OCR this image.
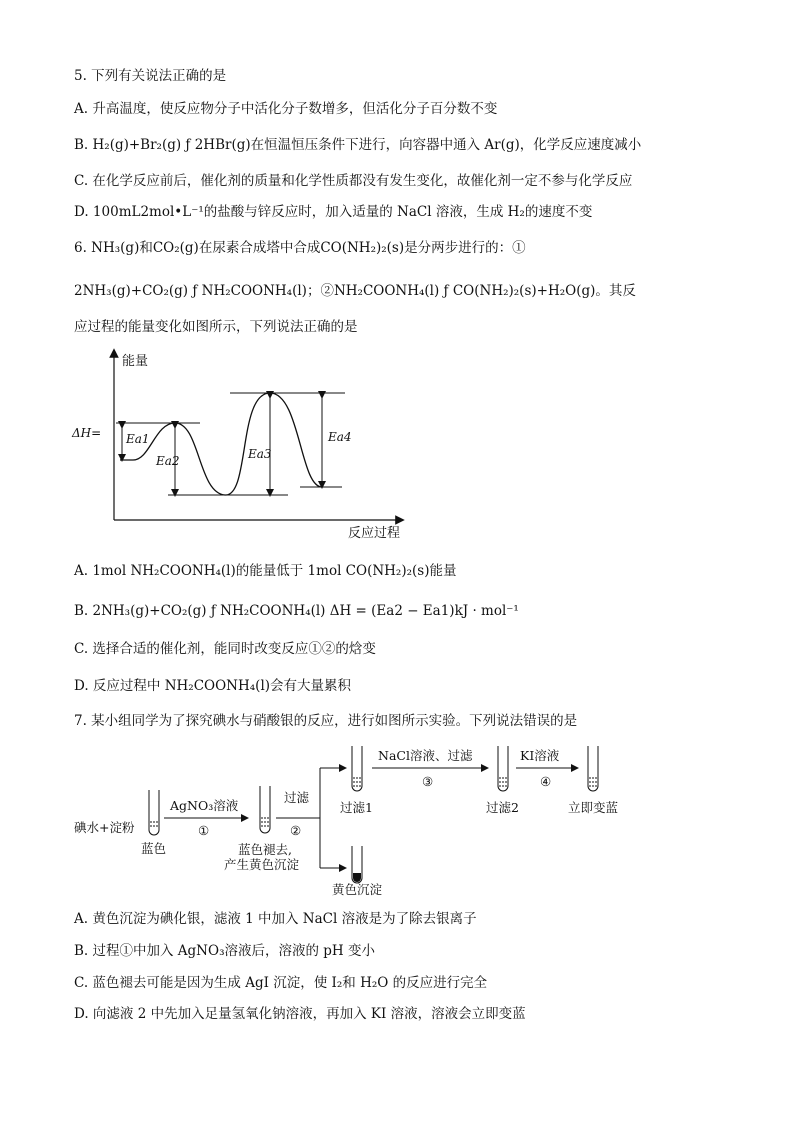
5. 下列有关说法正确的是
A. 升高温度，使反应物分子中活化分子数增多，但活化分子百分数不变
B. H₂(g)+Br₂(g) ƒ 2HBr(g)在恒温恒压条件下进行，向容器中通入 Ar(g)，化学反应速度减小
C. 在化学反应前后，催化剂的质量和化学性质都没有发生变化，故催化剂一定不参与化学反应
D. 100mL2mol•L⁻¹的盐酸与锌反应时，加入适量的 NaCl 溶液，生成 H₂的速度不变
6. NH₃(g)和CO₂(g)在尿素合成塔中合成CO(NH₂)₂(s)是分两步进行的：①
2NH₃(g)+CO₂(g) ƒ NH₂COONH₄(l)；②NH₂COONH₄(l) ƒ CO(NH₂)₂(s)+H₂O(g)。其反
应过程的能量变化如图所示，下列说法正确的是
能量
反应过程
ΔH= Ea1
Ea2	Ea3
Ea4
A. 1mol NH₂COONH₄(l)的能量低于 1mol CO(NH₂)₂(s)能量
B. 2NH₃(g)+CO₂(g) ƒ NH₂COONH₄(l) ΔH = (Ea2 − Ea1)kJ · mol⁻¹
C. 选择合适的催化剂，能同时改变反应①②的焓变
D. 反应过程中 NH₂COONH₄(l)会有大量累积
7. 某小组同学为了探究碘水与硝酸银的反应，进行如图所示实验。下列说法错误的是
碘水+淀粉
蓝色
AgNO₃溶液
①
蓝色褪去,
产生黄色沉淀
过滤
②
过滤1
黄色沉淀
NaCl溶液、过滤
③
过滤2
KI溶液
④
立即变蓝
A. 黄色沉淀为碘化银，滤液 1 中加入 NaCl 溶液是为了除去银离子
B. 过程①中加入 AgNO₃溶液后，溶液的 pH 变小
C. 蓝色褪去可能是因为生成 AgI 沉淀，使 I₂和 H₂O 的反应进行完全
D. 向滤液 2 中先加入足量氢氧化钠溶液，再加入 KI 溶液，溶液会立即变蓝
